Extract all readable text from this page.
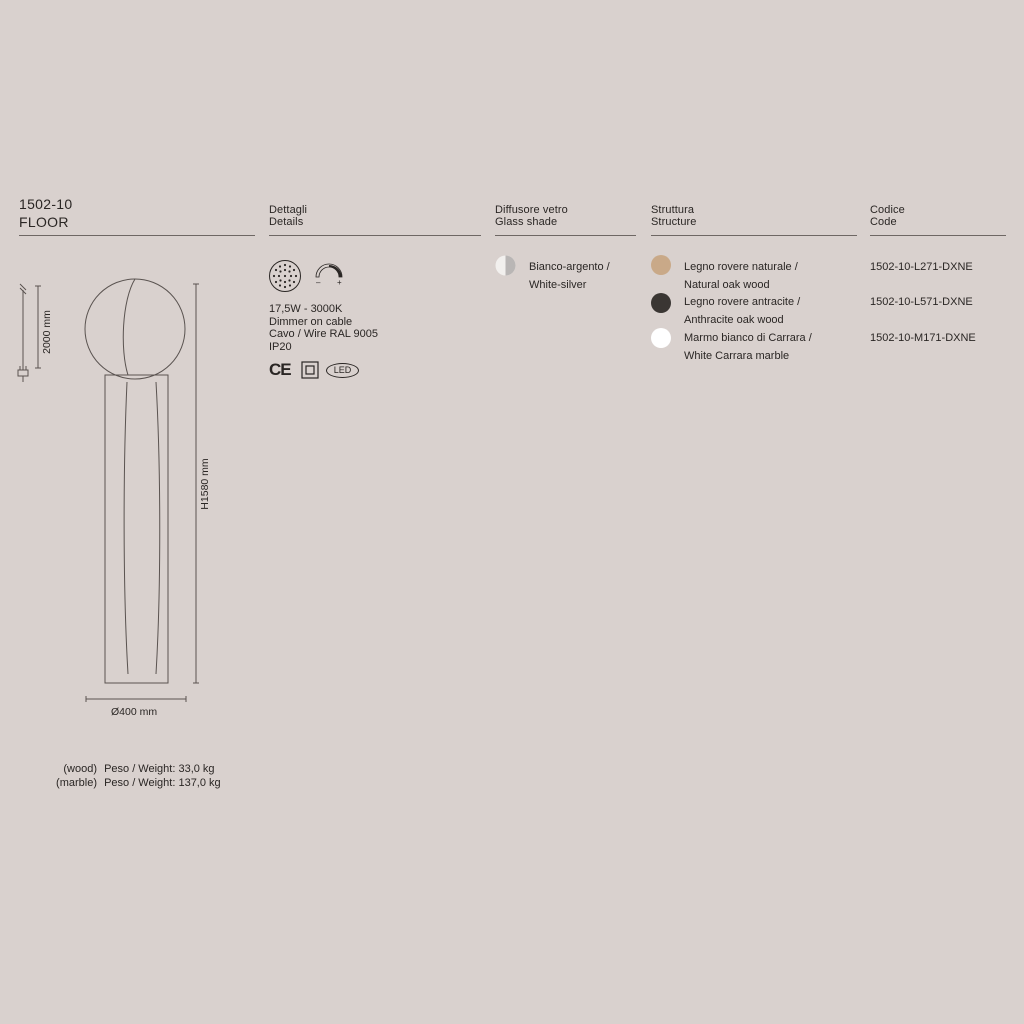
1502-10
FLOOR
Dettagli
Details
Diffusore vetro
Glass shade
Struttura
Structure
Codice
Code
– +
17,5W - 3000K
Dimmer on cable
Cavo / Wire RAL 9005
IP20
CE	LED
Bianco-argento /
White-silver
Legno rovere naturale /
Natural oak wood
1502-10-L271-DXNE
Legno rovere antracite /
Anthracite oak wood
1502-10-L571-DXNE
Marmo bianco di Carrara /
White Carrara marble
1502-10-M171-DXNE
2000 mm
H1580 mm
Ø400 mm
(wood) Peso / Weight: 33,0 kg
(marble) Peso / Weight: 137,0 kg
